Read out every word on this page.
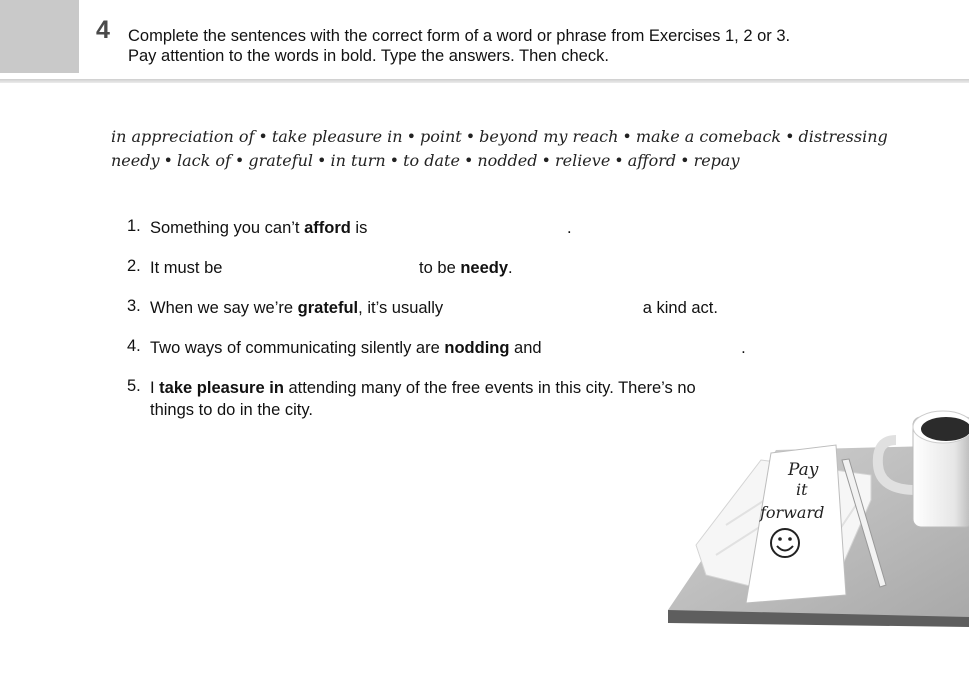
4 Complete the sentences with the correct form of a word or phrase from Exercises 1, 2 or 3.
Pay attention to the words in bold. Type the answers. Then check.
in appreciation of • take pleasure in • point • beyond my reach • make a comeback • distressing
needy • lack of • grateful • in turn • to date • nodded • relieve • afford • repay
1. Something you can’t afford is	.
2. It must be	to be needy.
3. When we say we’re grateful, it’s usually	a kind act.
4. Two ways of communicating silently are nodding and	.
5. I take pleasure in attending many of the free events in this city. There’s no
things to do in the city.
Pay
it
forward
